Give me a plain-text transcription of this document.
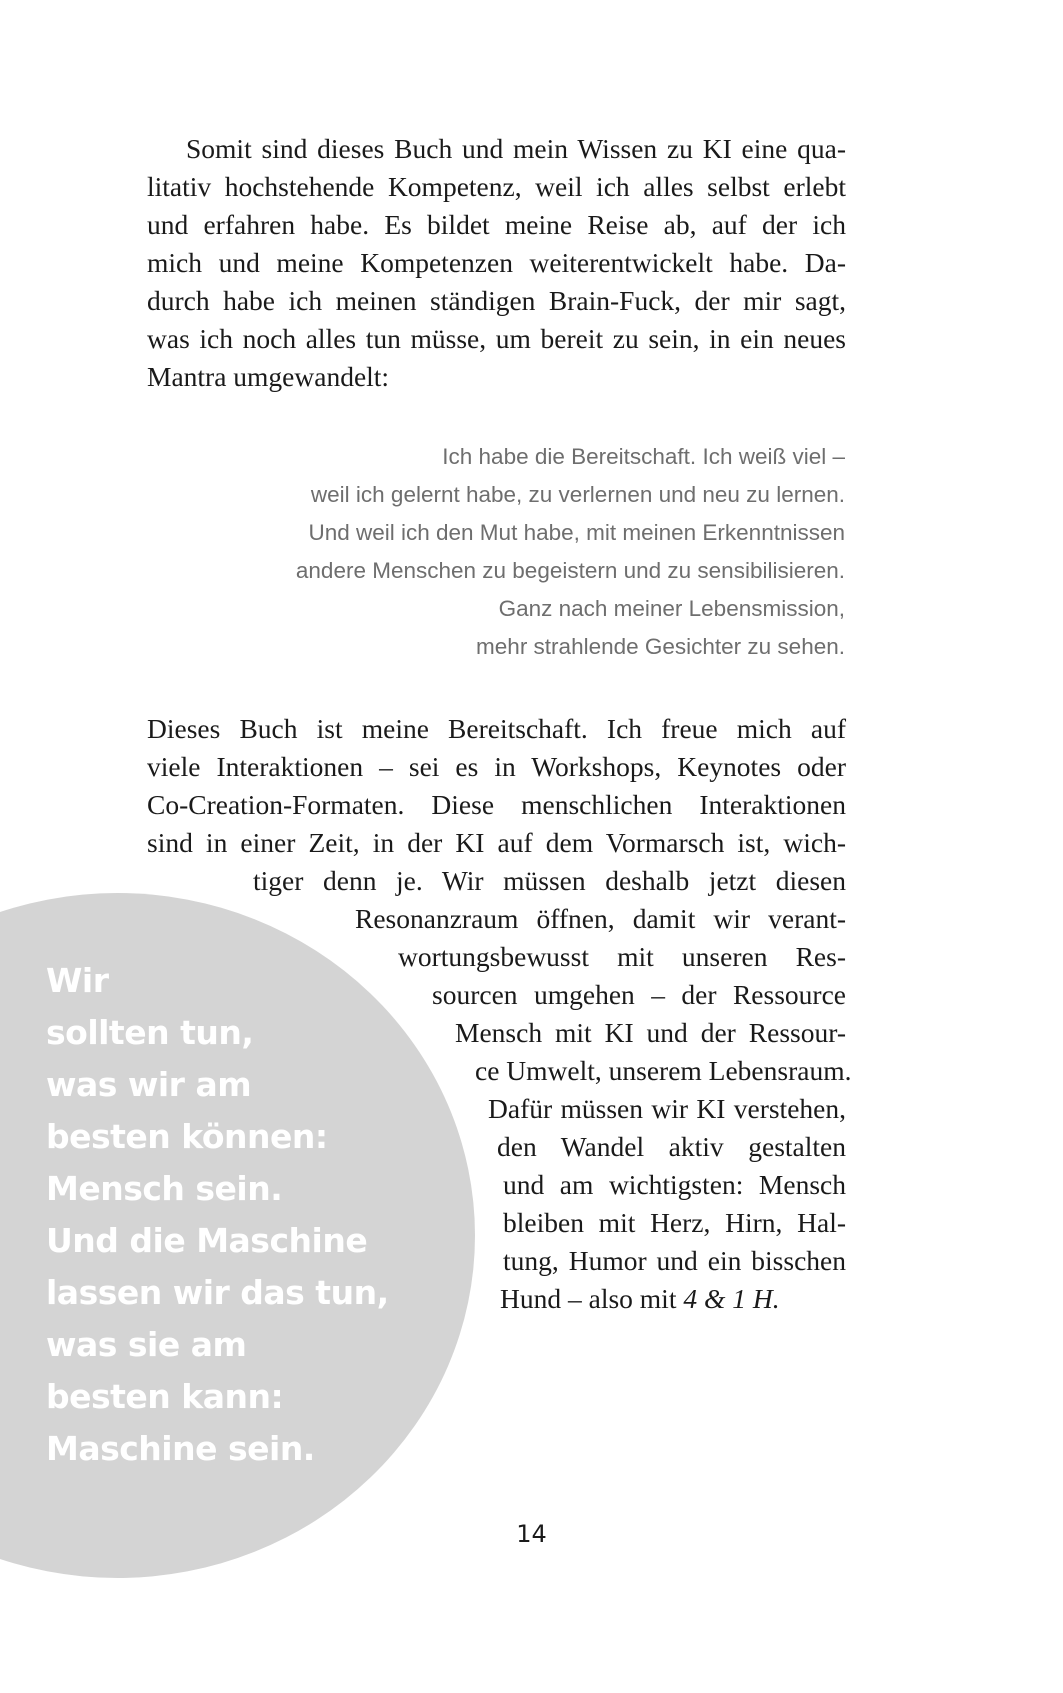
Somit sind dieses Buch und mein Wissen zu KI eine qua-
litativ hochstehende Kompetenz, weil ich alles selbst erlebt
und erfahren habe. Es bildet meine Reise ab, auf der ich
mich und meine Kompetenzen weiterentwickelt habe. Da-
durch habe ich meinen ständigen Brain-Fuck, der mir sagt,
was ich noch alles tun müsse, um bereit zu sein, in ein neues
Mantra umgewandelt:
Ich habe die Bereitschaft. Ich weiß viel –
weil ich gelernt habe, zu verlernen und neu zu lernen.
Und weil ich den Mut habe, mit meinen Erkenntnissen
andere Menschen zu begeistern und zu sensibilisieren.
Ganz nach meiner Lebensmission,
mehr strahlende Gesichter zu sehen.
Wir
sollten tun,
was wir am
besten können:
Mensch sein.
Und die Maschine
lassen wir das tun,
was sie am
besten kann:
Maschine sein.
Dieses Buch ist meine Bereitschaft. Ich freue mich auf
viele Interaktionen – sei es in Workshops, Keynotes oder
Co-Creation-Formaten. Diese menschlichen Interaktionen
sind in einer Zeit, in der KI auf dem Vormarsch ist, wich-
tiger denn je. Wir müssen deshalb jetzt diesen
Resonanzraum öffnen, damit wir verant-
wortungsbewusst mit unseren Res-
sourcen umgehen – der Ressource
Mensch mit KI und der Ressour-
ce Umwelt, unserem Lebensraum.
Dafür müssen wir KI verstehen,
den Wandel aktiv gestalten
und am wichtigsten: Mensch
bleiben mit Herz, Hirn, Hal-
tung, Humor und ein bisschen
Hund – also mit 4 & 1 H.
14
